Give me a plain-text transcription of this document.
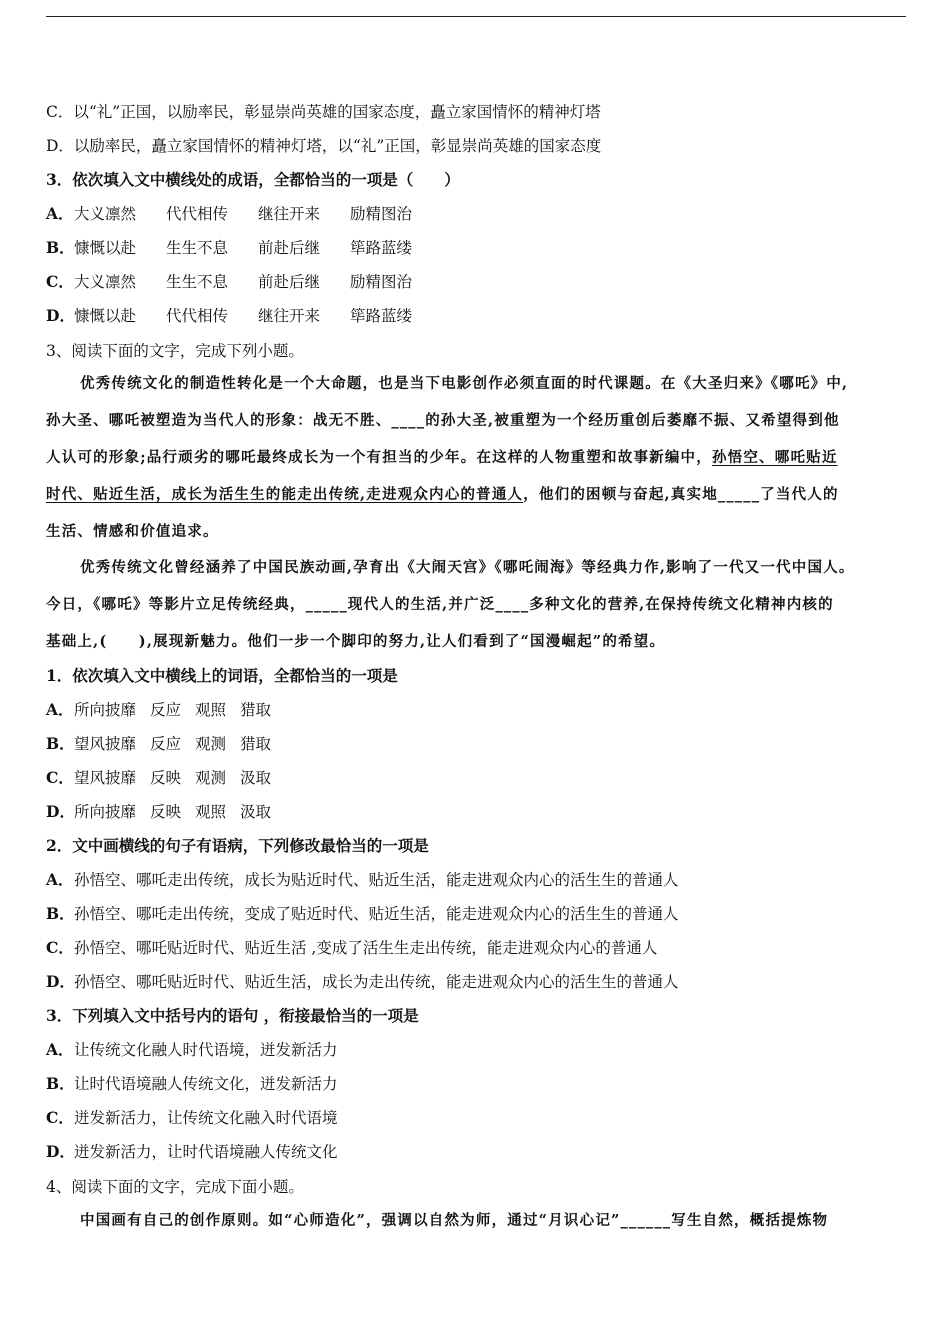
C．以“礼”正国，以励率民，彰显崇尚英雄的国家态度，矗立家国情怀的精神灯塔
D．以励率民，矗立家国情怀的精神灯塔，以“礼”正国，彰显崇尚英雄的国家态度
3．依次填入文中横线处的成语，全都恰当的一项是（　　）
A．大义凛然 代代相传 继往开来 励精图治
B．慷慨以赴 生生不息 前赴后继 筚路蓝缕
C．大义凛然 生生不息 前赴后继 励精图治
D．慷慨以赴 代代相传 继往开来 筚路蓝缕
3、阅读下面的文字，完成下列小题。
优秀传统文化的制造性转化是一个大命题，也是当下电影创作必须直面的时代课题。在《大圣归来》《哪吒》中,
孙大圣、哪吒被塑造为当代人的形象：战无不胜、____的孙大圣,被重塑为一个经历重创后萎靡不振、又希望得到他
人认可的形象;品行顽劣的哪吒最终成长为一个有担当的少年。在这样的人物重塑和故事新编中，孙悟空、哪吒贴近
时代、贴近生活，成长为活生生的能走出传统,走进观众内心的普通人，他们的困顿与奋起,真实地_____了当代人的
生活、情感和价值追求。
优秀传统文化曾经涵养了中国民族动画,孕育出《大闹天宫》《哪吒闹海》等经典力作,影响了一代又一代中国人。
今日，《哪吒》等影片立足传统经典，_____现代人的生活,并广泛____多种文化的营养,在保持传统文化精神内核的
基础上,(　　),展现新魅力。他们一步一个脚印的努力,让人们看到了“国漫崛起”的希望。
1．依次填入文中横线上的词语，全都恰当的一项是
A．所向披靡 反应 观照 猎取
B．望风披靡 反应 观测 猎取
C．望风披靡 反映 观测 汲取
D．所向披靡 反映 观照 汲取
2．文中画横线的句子有语病，下列修改最恰当的一项是
A．孙悟空、哪吒走出传统，成长为贴近时代、贴近生活，能走进观众内心的活生生的普通人
B．孙悟空、哪吒走出传统，变成了贴近时代、贴近生活，能走进观众内心的活生生的普通人
C．孙悟空、哪吒贴近时代、贴近生活 ,变成了活生生走出传统，能走进观众内心的普通人
D．孙悟空、哪吒贴近时代、贴近生活，成长为走出传统，能走进观众内心的活生生的普通人
3．下列填入文中括号内的语句 ，衔接最恰当的一项是
A．让传统文化融人时代语境，迸发新活力
B．让时代语境融人传统文化，迸发新活力
C．迸发新活力，让传统文化融入时代语境
D．迸发新活力，让时代语境融人传统文化
4、阅读下面的文字，完成下面小题。
中国画有自己的创作原则。如“心师造化”，强调以自然为师，通过“月识心记”______写生自然，概括提炼物
